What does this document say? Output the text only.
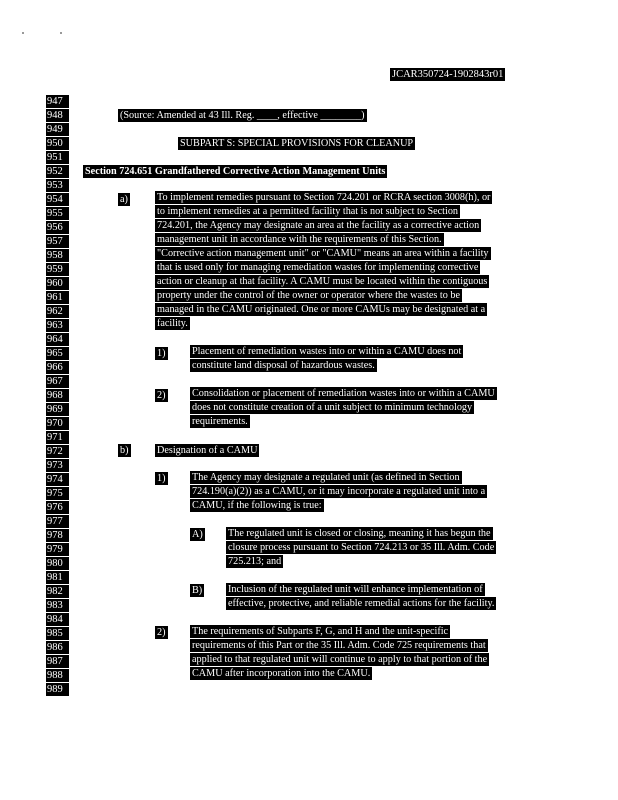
JCAR350724-1902843r01
947
948
949
950
951
952
953
954
955
956
957
958
959
960
961
962
963
964
965
966
967
968
969
970
971
972
973
974
975
976
977
978
979
980
981
982
983
984
985
986
987
988
989
(Source: Amended at 43 Ill. Reg. ____, effective ________)
SUBPART S: SPECIAL PROVISIONS FOR CLEANUP
Section 724.651 Grandfathered Corrective Action Management Units
a)	To implement remedies pursuant to Section 724.201 or RCRA section 3008(h), or
to implement remedies at a permitted facility that is not subject to Section
724.201, the Agency may designate an area at the facility as a corrective action
management unit in accordance with the requirements of this Section.
"Corrective action management unit" or "CAMU" means an area within a facility
that is used only for managing remediation wastes for implementing corrective
action or cleanup at that facility. A CAMU must be located within the contiguous
property under the control of the owner or operator where the wastes to be
managed in the CAMU originated. One or more CAMUs may be designated at a
facility.
1)	Placement of remediation wastes into or within a CAMU does not
constitute land disposal of hazardous wastes.
2)	Consolidation or placement of remediation wastes into or within a CAMU
does not constitute creation of a unit subject to minimum technology
requirements.
b)	Designation of a CAMU
1)	The Agency may designate a regulated unit (as defined in Section
724.190(a)(2)) as a CAMU, or it may incorporate a regulated unit into a
CAMU, if the following is true:
A) The regulated unit is closed or closing, meaning it has begun the
closure process pursuant to Section 724.213 or 35 Ill. Adm. Code
725.213; and
B)	Inclusion of the regulated unit will enhance implementation of
effective, protective, and reliable remedial actions for the facility.
2)	The requirements of Subparts F, G, and H and the unit-specific
requirements of this Part or the 35 Ill. Adm. Code 725 requirements that
applied to that regulated unit will continue to apply to that portion of the
CAMU after incorporation into the CAMU.
